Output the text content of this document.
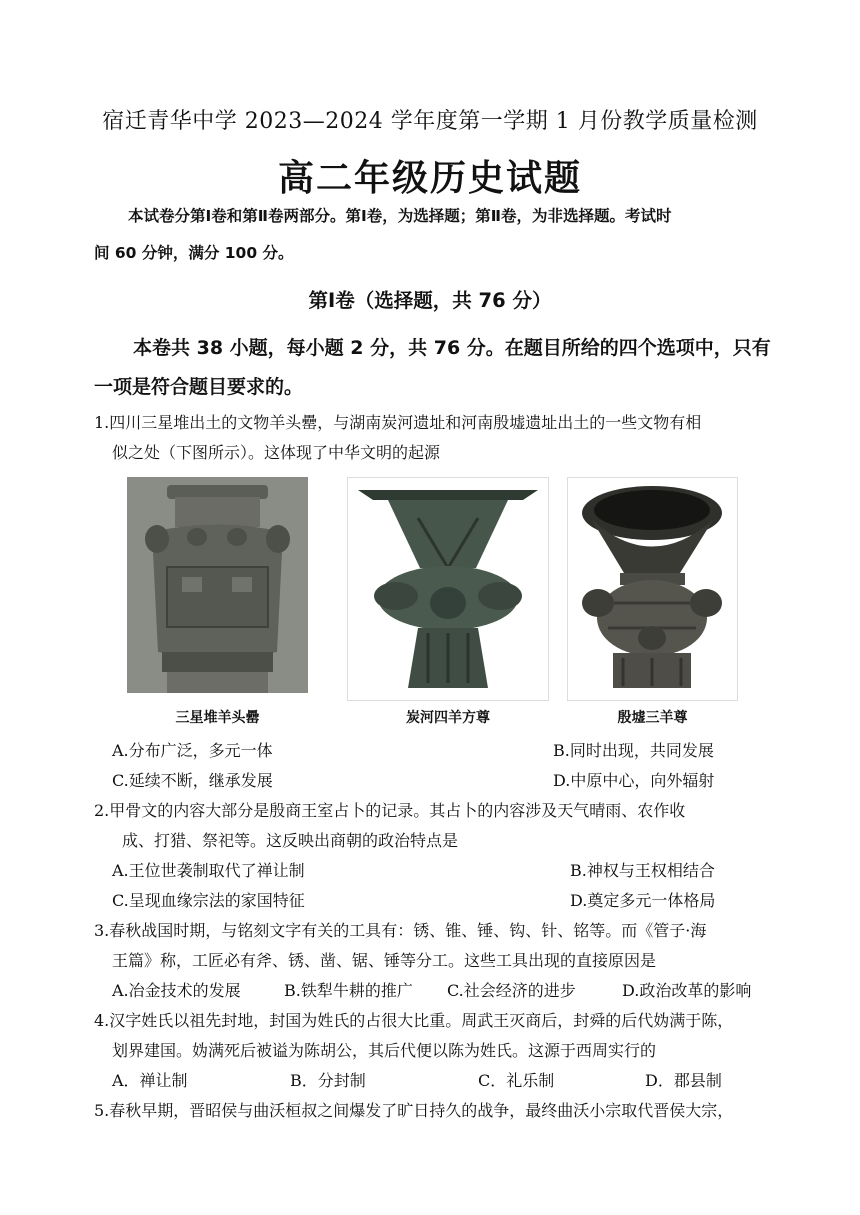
宿迁青华中学 2023—2024 学年度第一学期 1 月份教学质量检测
高二年级历史试题
本试卷分第Ⅰ卷和第Ⅱ卷两部分。第Ⅰ卷，为选择题；第Ⅱ卷，为非选择题。考试时
间 60 分钟，满分 100 分。
第Ⅰ卷（选择题，共 76 分）
本卷共 38 小题，每小题 2 分，共 76 分。在题目所给的四个选项中，只有
一项是符合题目要求的。
1.四川三星堆出土的文物羊头罍，与湖南炭河遗址和河南殷墟遗址出土的一些文物有相
似之处（下图所示）。这体现了中华文明的起源
三星堆羊头罍	炭河四羊方尊	殷墟三羊尊
A.分布广泛，多元一体	B.同时出现，共同发展
C.延续不断，继承发展	D.中原中心，向外辐射
2.甲骨文的内容大部分是殷商王室占卜的记录。其占卜的内容涉及天气晴雨、农作收
成、打猎、祭祀等。这反映出商朝的政治特点是
A.王位世袭制取代了禅让制	B.神权与王权相结合
C.呈现血缘宗法的家国特征	D.奠定多元一体格局
3.春秋战国时期，与铭刻文字有关的工具有：锈、锥、锤、钩、针、铭等。而《管子·海
王篇》称，工匠必有斧、锈、凿、锯、锤等分工。这些工具出现的直接原因是
A.冶金技术的发展	B.铁犁牛耕的推广 C.社会经济的进步	D.政治改革的影响
4.汉字姓氏以祖先封地，封国为姓氏的占很大比重。周武王灭商后，封舜的后代妫满于陈，
划界建国。妫满死后被谥为陈胡公，其后代便以陈为姓氏。这源于西周实行的
A．禅让制	B．分封制	C．礼乐制	D．郡县制
5.春秋早期，晋昭侯与曲沃桓叔之间爆发了旷日持久的战争，最终曲沃小宗取代晋侯大宗，
